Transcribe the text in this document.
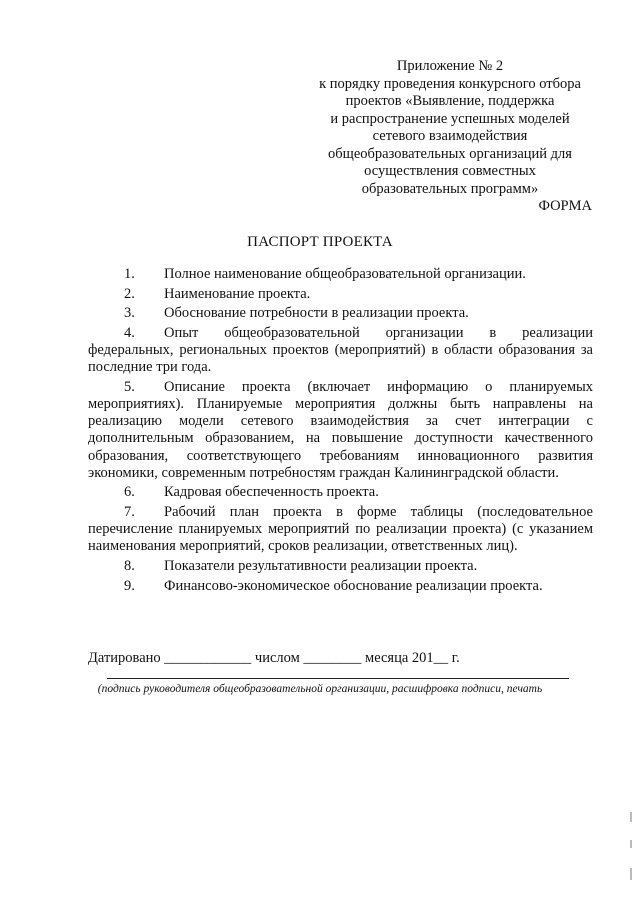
Приложение № 2
к порядку проведения конкурсного отбора
проектов «Выявление, поддержка
и распространение успешных моделей
сетевого взаимодействия
общеобразовательных организаций для
осуществления совместных
образовательных программ»
ФОРМА
ПАСПОРТ ПРОЕКТА

1. Полное наименование общеобразовательной организации.

2. Наименование проекта.

3. Обоснование потребности в реализации проекта.

4. Опыт общеобразовательной организации в реализации федеральных, региональных проектов (мероприятий) в области образования за последние три года.

5. Описание проекта (включает информацию о планируемых мероприятиях). Планируемые мероприятия должны быть направлены на реализацию модели сетевого взаимодействия за счет интеграции с дополнительным образованием, на повышение доступности качественного образования, соответствующего требованиям инновационного развития экономики, современным потребностям граждан Калининградской области.

6. Кадровая обеспеченность проекта.

7. Рабочий план проекта в форме таблицы (последовательное перечисление планируемых мероприятий по реализации проекта) (с указанием наименования мероприятий, сроков реализации, ответственных лиц).

8. Показатели результативности реализации проекта.

9. Финансово-экономическое обоснование реализации проекта.

Датировано ____________ числом ________ месяца 201__ г.
(подпись руководителя общеобразовательной организации, расшифровка подписи, печать
